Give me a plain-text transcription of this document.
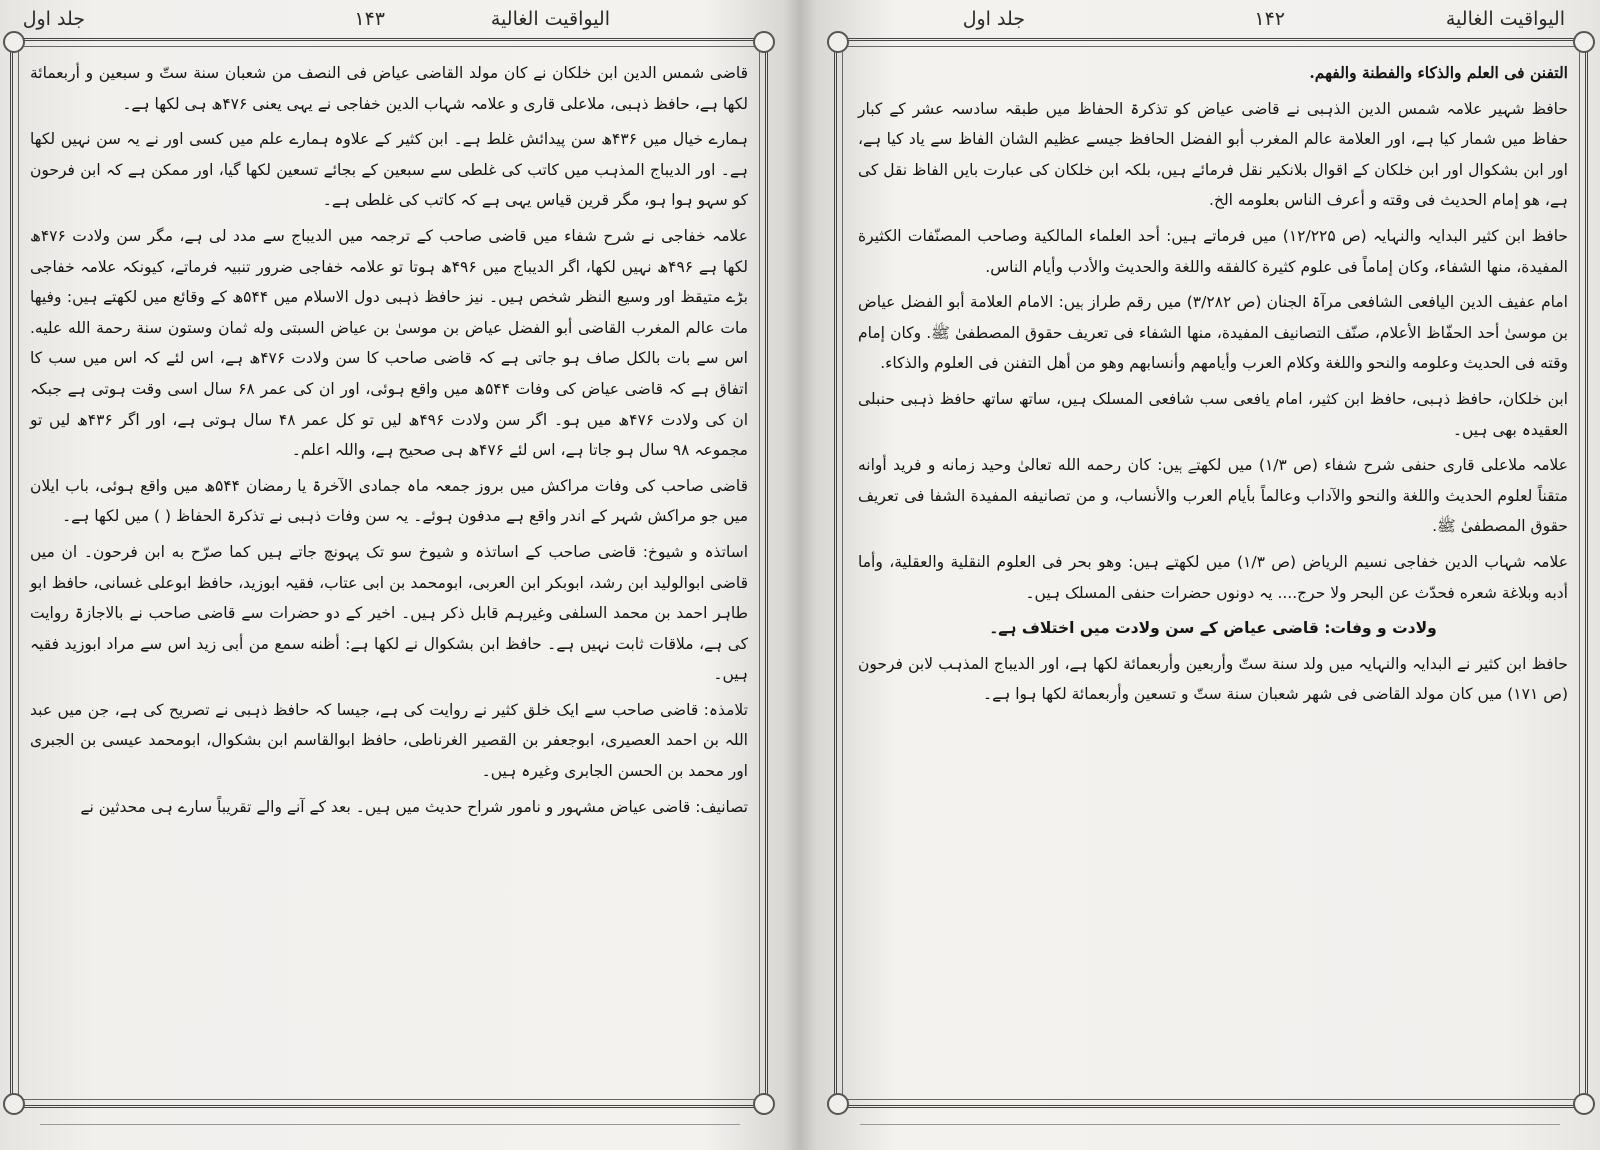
اليواقيت الغالية
۱۴۳
جلد اول

قاضی شمس الدین ابن خلکان نے كان مولد القاضی عياض فى النصف من شعبان سنة ستّ و سبعين و أربعمائة لکھا ہے، حافظ ذہبی، ملاعلی قاری و علامہ شہاب الدین خفاجی نے یہی یعنی ۴۷۶ھ ہی لکھا ہے۔

ہمارے خیال میں ۴۳۶ھ سن پیدائش غلط ہے۔ ابن کثیر کے علاوہ ہمارے علم میں کسی اور نے یہ سن نہیں لکھا ہے۔ اور الدیباج المذہب میں کاتب کی غلطی سے سبعین کے بجائے تسعین لکھا گیا، اور ممکن ہے کہ ابن فرحون کو سہو ہوا ہو، مگر قرین قیاس یہی ہے کہ کاتب کی غلطی ہے۔

علامہ خفاجی نے شرح شفاء میں قاضی صاحب کے ترجمہ میں الدیباج سے مدد لی ہے، مگر سن ولادت ۴۷۶ھ لکھا ہے ۴۹۶ھ نہیں لکھا، اگر الدیباج میں ۴۹۶ھ ہوتا تو علامہ خفاجی ضرور تنبیہ فرماتے، کیونکہ علامہ خفاجی بڑے متیقظ اور وسیع النظر شخص ہیں۔ نیز حافظ ذہبی دول الاسلام میں ۵۴۴ھ کے وقائع میں لکھتے ہیں: وفيها مات عالم المغرب القاضی أبو الفضل عياض بن موسىٰ بن عياض السبتی وله ثمان وستون سنة رحمة الله عليه. اس سے بات بالکل صاف ہو جاتی ہے کہ قاضی صاحب کا سن ولادت ۴۷۶ھ ہے، اس لئے کہ اس میں سب کا اتفاق ہے کہ قاضی عیاض کی وفات ۵۴۴ھ میں واقع ہوئی، اور ان کی عمر ۶۸ سال اسی وقت ہوتی ہے جبکہ ان کی ولادت ۴۷۶ھ میں ہو۔ اگر سن ولادت ۴۹۶ھ لیں تو کل عمر ۴۸ سال ہوتی ہے، اور اگر ۴۳۶ھ لیں تو مجموعہ ۹۸ سال ہو جاتا ہے، اس لئے ۴۷۶ھ ہی صحیح ہے، واللہ اعلم۔

قاضی صاحب کی وفات مراکش میں بروز جمعہ ماہ جمادی الآخرۃ یا رمضان ۵۴۴ھ میں واقع ہوئی، باب ایلان میں جو مراکش شہر کے اندر واقع ہے مدفون ہوئے۔ یہ سن وفات ذہبی نے تذکرۃ الحفاظ ( ) میں لکھا ہے۔

اساتذہ و شیوخ: قاضی صاحب کے اساتذہ و شیوخ سو تک پہونچ جاتے ہیں كما صرّح به ابن فرحون۔ ان میں قاضی ابوالولید ابن رشد، ابوبکر ابن العربی، ابومحمد بن ابی عتاب، فقیہ ابوزید، حافظ ابوعلی غسانی، حافظ ابو طاہر احمد بن محمد السلفی وغیرہم قابل ذکر ہیں۔ اخیر کے دو حضرات سے قاضی صاحب نے بالاجازۃ روایت کی ہے، ملاقات ثابت نہیں ہے۔ حافظ ابن بشکوال نے لکھا ہے: أظنه سمع من أبی زيد اس سے مراد ابوزید فقیہ ہیں۔

تلامذہ: قاضی صاحب سے ایک خلق کثیر نے روایت کی ہے، جیسا کہ حافظ ذہبی نے تصریح کی ہے، جن میں عبد اللہ بن احمد العصیری، ابوجعفر بن القصیر الغرناطی، حافظ ابوالقاسم ابن بشکوال، ابومحمد عیسی بن الجبری اور محمد بن الحسن الجابری وغیرہ ہیں۔

تصانیف: قاضی عیاض مشہور و نامور شراح حدیث میں ہیں۔ بعد کے آنے والے تقریباً سارے ہی محدثین نے

اليواقيت الغالية
۱۴۲
جلد اول

التفنن فی العلم والذكاء والفطنة والفهم.

حافظ شہیر علامہ شمس الدین الذہبی نے قاضی عیاض کو تذکرۃ الحفاظ میں طبقہ سادسہ عشر کے کبار حفاظ میں شمار کیا ہے، اور العلامة عالم المغرب أبو الفضل الحافظ جیسے عظیم الشان الفاظ سے یاد کیا ہے، اور ابن بشکوال اور ابن خلکان کے اقوال بلانکیر نقل فرمائے ہیں، بلکہ ابن خلکان کی عبارت بایں الفاظ نقل کی ہے، هو إمام الحديث فی وقته و أعرف الناس بعلومه الخ.

حافظ ابن کثیر البدایہ والنہایہ (ص ۱۲/۲۲۵) میں فرماتے ہیں: أحد العلماء المالكية وصاحب المصنّفات الكثيرة المفيدة، منها الشفاء، وكان إماماً فی علوم كثيرة كالفقه واللغة والحديث والأدب وأيام الناس.

امام عفیف الدین الیافعی الشافعی مرآۃ الجنان (ص ۳/۲۸۲) میں رقم طراز ہیں: الامام العلامة أبو الفضل عياض بن موسىٰ أحد الحفّاظ الأعلام، صنّف التصانيف المفيدة، منها الشفاء فی تعريف حقوق المصطفىٰ ﷺ. وكان إمام وقته فی الحديث وعلومه والنحو واللغة وكلام العرب وأيامهم وأنسابهم وهو من أهل التفنن فی العلوم والذكاء.

ابن خلکان، حافظ ذہبی، حافظ ابن کثیر، امام یافعی سب شافعی المسلک ہیں، ساتھ ساتھ حافظ ذہبی حنبلی العقیدہ بھی ہیں۔

علامہ ملاعلی قاری حنفی شرح شفاء (ص ۱/۳) میں لکھتے ہیں: كان رحمه الله تعالىٰ وحيد زمانه و فريد أوانه متقناً لعلوم الحديث واللغة والنحو والآداب وعالماً بأيام العرب والأنساب، و من تصانيفه المفيدة الشفا فی تعريف حقوق المصطفىٰ ﷺ.

علامہ شہاب الدین خفاجی نسیم الریاض (ص ۱/۳) میں لکھتے ہیں: وهو بحر فی العلوم النقلية والعقلية، وأما أدبه وبلاغة شعره فحدّث عن البحر ولا حرج.... یہ دونوں حضرات حنفی المسلک ہیں۔

ولادت و وفات: قاضی عیاض کے سن ولادت میں اختلاف ہے۔

حافظ ابن کثیر نے البدایہ والنہایہ میں ولد سنة ستّ وأربعين وأربعمائة لکھا ہے، اور الدیباج المذہب لابن فرحون (ص ۱۷۱) میں كان مولد القاضی فی شهر شعبان سنة ستّ و تسعين وأربعمائة لکھا ہوا ہے۔
